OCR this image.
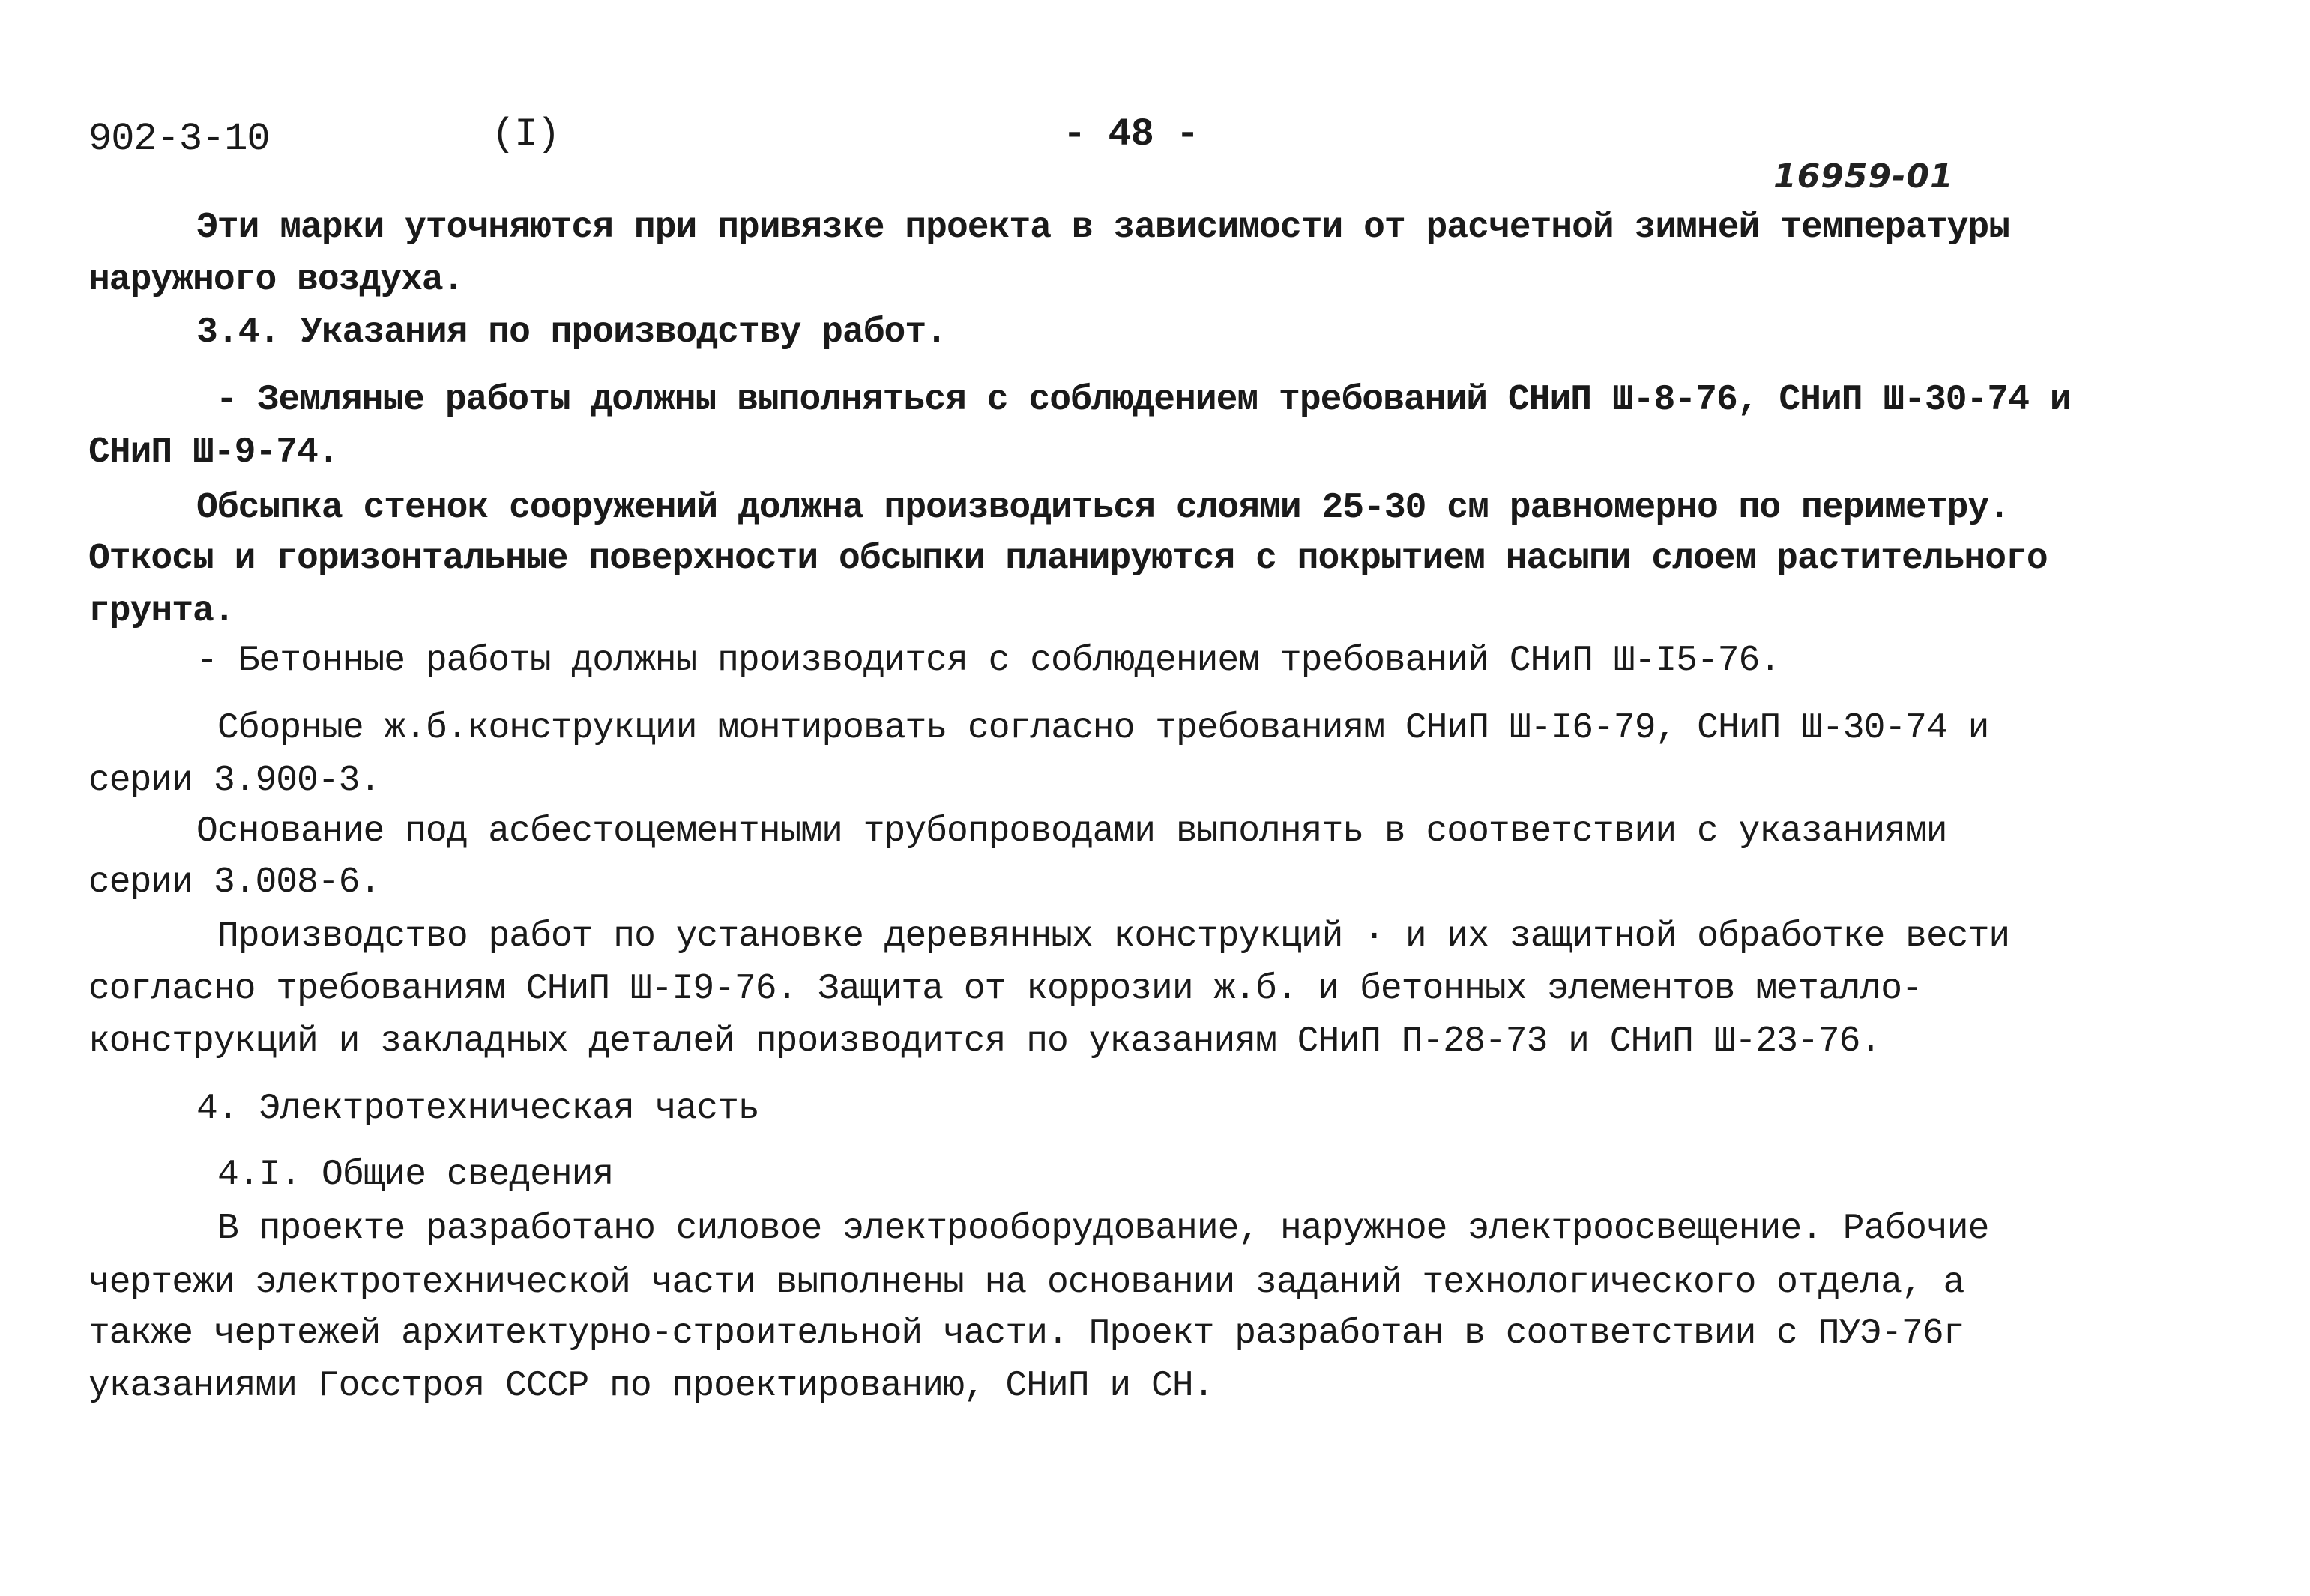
902-3-10	(I)	- 48 -
16959-01
Эти марки уточняются при привязке проекта в зависимости от расчетной зимней температуры
наружного воздуха.
3.4. Указания по производству работ.
- Земляные работы должны выполняться с соблюдением требований СНиП Ш-8-76, СНиП Ш-30-74 и
СНиП Ш-9-74.
Обсыпка стенок сооружений должна производиться слоями 25-30 см равномерно по периметру.
Откосы и горизонтальные поверхности обсыпки планируются с покрытием насыпи слоем растительного
грунта.
- Бетонные работы должны производится с соблюдением требований СНиП Ш-I5-76.
Сборные ж.б.конструкции монтировать согласно требованиям СНиП Ш-I6-79, СНиП Ш-30-74 и
серии 3.900-3.
Основание под асбестоцементными трубопроводами выполнять в соответствии с указаниями
серии 3.008-6.
Производство работ по установке деревянных конструкций · и их защитной обработке вести
согласно требованиям СНиП Ш-I9-76. Защита от коррозии ж.б. и бетонных элементов металло-
конструкций и закладных деталей производится по указаниям СНиП П-28-73 и СНиП Ш-23-76.
4. Электротехническая часть
4.I. Общие сведения
В проекте разработано силовое электрооборудование, наружное электроосвещение. Рабочие
чертежи электротехнической части выполнены на основании заданий технологического отдела, а
также чертежей архитектурно-строительной части. Проект разработан в соответствии с ПУЭ-76г
указаниями Госстроя СССР по проектированию, СНиП и СН.
